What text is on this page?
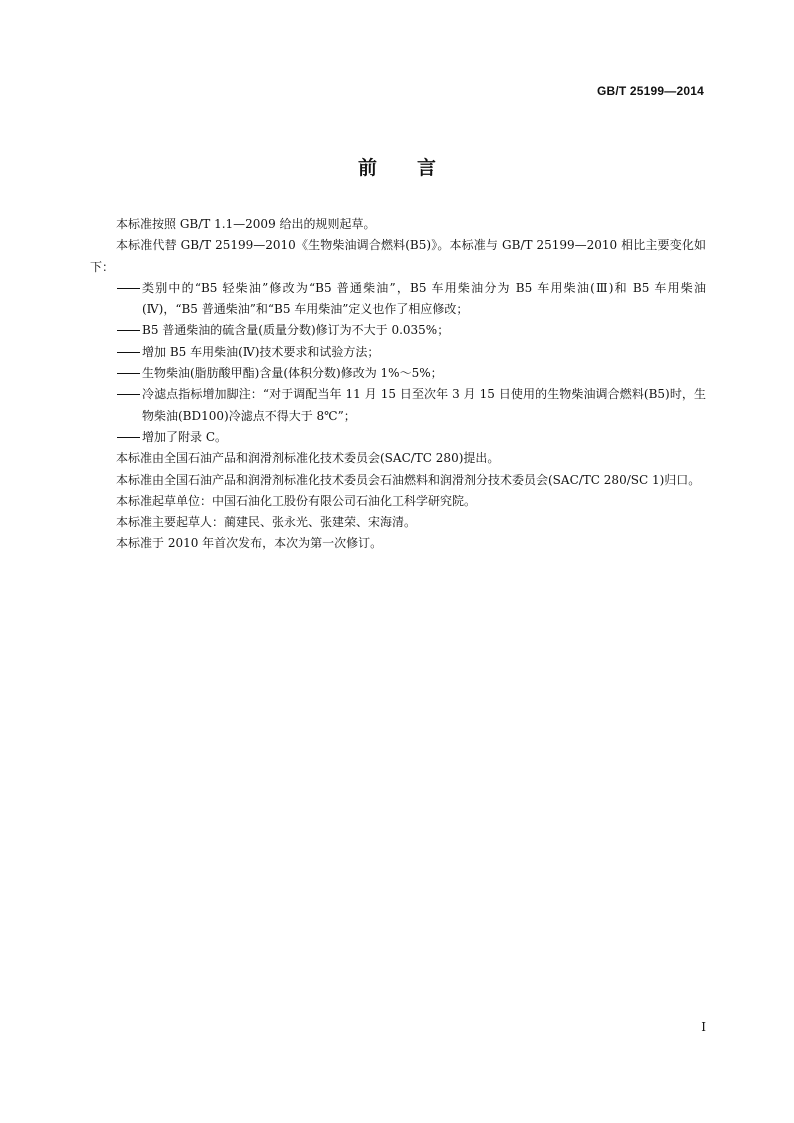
GB/T 25199—2014
前言

本标准按照 GB/T 1.1—2009 给出的规则起草。

本标准代替 GB/T 25199—2010《生物柴油调合燃料(B5)》。本标准与 GB/T 25199—2010 相比主要变化如下：

类别中的“B5 轻柴油”修改为“B5 普通柴油”，B5 车用柴油分为 B5 车用柴油(Ⅲ)和 B5 车用柴油(Ⅳ)，“B5 普通柴油”和“B5 车用柴油”定义也作了相应修改；
B5 普通柴油的硫含量(质量分数)修订为不大于 0.035%；
增加 B5 车用柴油(Ⅳ)技术要求和试验方法；
生物柴油(脂肪酸甲酯)含量(体积分数)修改为 1%～5%；
冷滤点指标增加脚注：“对于调配当年 11 月 15 日至次年 3 月 15 日使用的生物柴油调合燃料(B5)时，生物柴油(BD100)冷滤点不得大于 8℃”；
增加了附录 C。

本标准由全国石油产品和润滑剂标准化技术委员会(SAC/TC 280)提出。

本标准由全国石油产品和润滑剂标准化技术委员会石油燃料和润滑剂分技术委员会(SAC/TC 280/SC 1)归口。

本标准起草单位：中国石油化工股份有限公司石油化工科学研究院。

本标准主要起草人：蔺建民、张永光、张建荣、宋海清。

本标准于 2010 年首次发布，本次为第一次修订。

I
